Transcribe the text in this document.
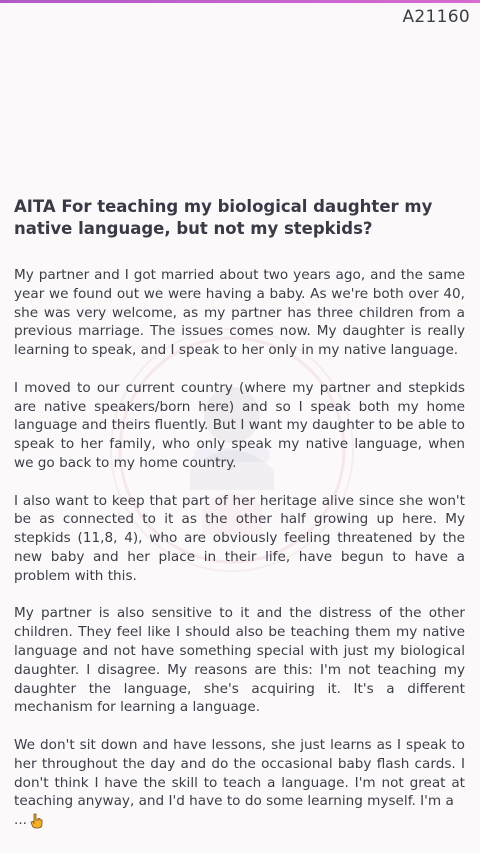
A21160
AITA For teaching my biological daughter my native language, but not my stepkids?

My partner and I got married about two years ago, and the same year we found out we were having a baby. As we're both over 40, she was very welcome, as my partner has three children from a previous marriage. The issues comes now. My daughter is really learning to speak, and I speak to her only in my native language.

I moved to our current country (where my partner and stepkids are native speakers/born here) and so I speak both my home language and theirs fluently. But I want my daughter to be able to speak to her family, who only speak my native language, when we go back to my home country.

I also want to keep that part of her heritage alive since she won't be as connected to it as the other half growing up here. My stepkids (11,8, 4), who are obviously feeling threatened by the new baby and her place in their life, have begun to have a problem with this.

My partner is also sensitive to it and the distress of the other children. They feel like I should also be teaching them my native language and not have something special with just my biological daughter. I disagree. My reasons are this: I'm not teaching my daughter the language, she's acquiring it. It's a different mechanism for learning a language.

We don't sit down and have lessons, she just learns as I speak to her throughout the day and do the occasional baby flash cards. I don't think I have the skill to teach a language. I'm not great at teaching anyway, and I'd have to do some learning myself. I'm a

...
